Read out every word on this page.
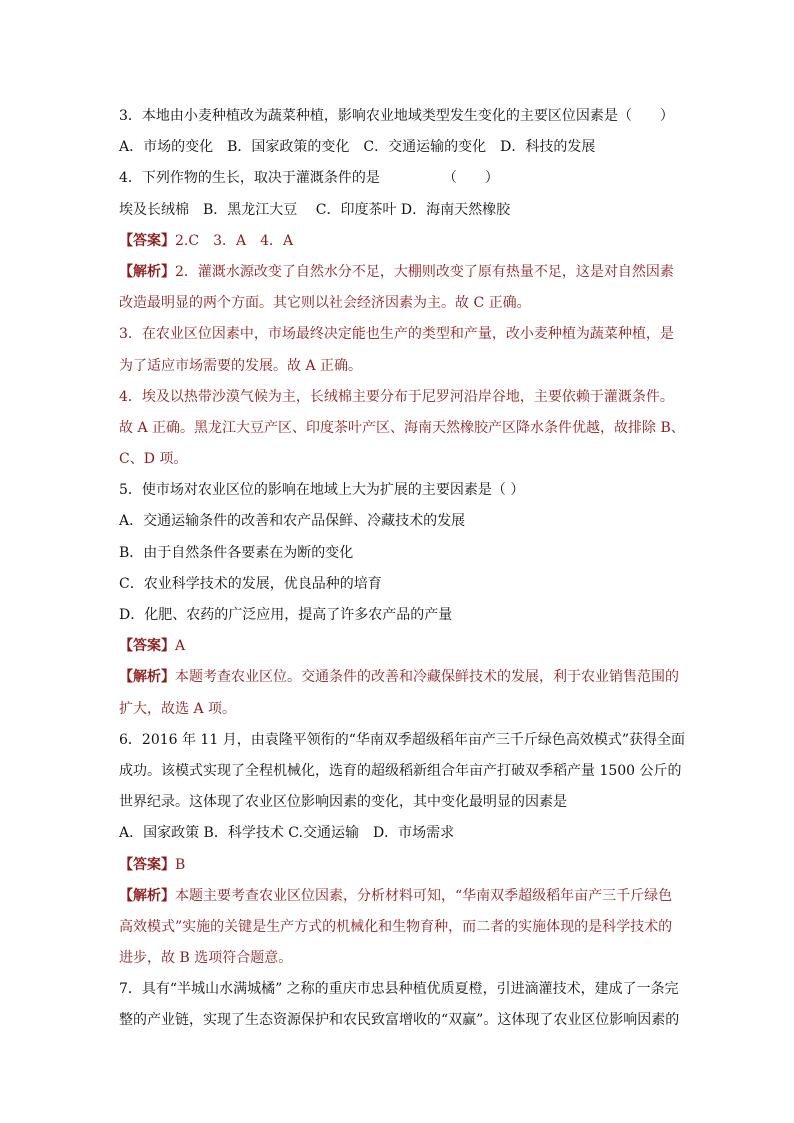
3．本地由小麦种植改为蔬菜种植，影响农业地域类型发生变化的主要区位因素是（　　）
A．市场的变化　B．国家政策的变化　C．交通运输的变化　D．科技的发展
4．下列作物的生长，取决于灌溉条件的是　　　　　（　　）
埃及长绒棉　B．黑龙江大豆　 C．印度茶叶 D．海南天然橡胶
【答案】2.C　3．A　4．A
【解析】2．灌溉水源改变了自然水分不足，大棚则改变了原有热量不足，这是对自然因素
改造最明显的两个方面。其它则以社会经济因素为主。故 C 正确。
3．在农业区位因素中，市场最终决定能也生产的类型和产量，改小麦种植为蔬菜种植，是
为了适应市场需要的发展。故 A 正确。
4．埃及以热带沙漠气候为主，长绒棉主要分布于尼罗河沿岸谷地，主要依赖于灌溉条件。
故 A 正确。黑龙江大豆产区、印度茶叶产区、海南天然橡胶产区降水条件优越，故排除 B、
C、D 项。
5．使市场对农业区位的影响在地域上大为扩展的主要因素是（ ）
A．交通运输条件的改善和农产品保鲜、冷藏技术的发展
B．由于自然条件各要素在为断的变化
C．农业科学技术的发展，优良品种的培育
D．化肥、农药的广泛应用，提高了许多农产品的产量
【答案】A
【解析】本题考查农业区位。交通条件的改善和冷藏保鲜技术的发展，利于农业销售范围的
扩大，故选 A 项。
6．2016 年 11 月，由袁隆平领衔的“华南双季超级稻年亩产三千斤绿色高效模式”获得全面
成功。该模式实现了全程机械化，选育的超级稻新组合年亩产打破双季稻产量 1500 公斤的
世界纪录。这体现了农业区位影响因素的变化，其中变化最明显的因素是
A．国家政策 B．科学技术 C.交通运输　D．市场需求
【答案】B
【解析】本题主要考查农业区位因素，分析材料可知，“华南双季超级稻年亩产三千斤绿色
高效模式”实施的关键是生产方式的机械化和生物育种，而二者的实施体现的是科学技术的
进步，故 B 选项符合题意。
7．具有“半城山水满城橘” 之称的重庆市忠县种植优质夏橙，引进滴灌技术，建成了一条完
整的产业链，实现了生态资源保护和农民致富增收的“双赢”。这体现了农业区位影响因素的
